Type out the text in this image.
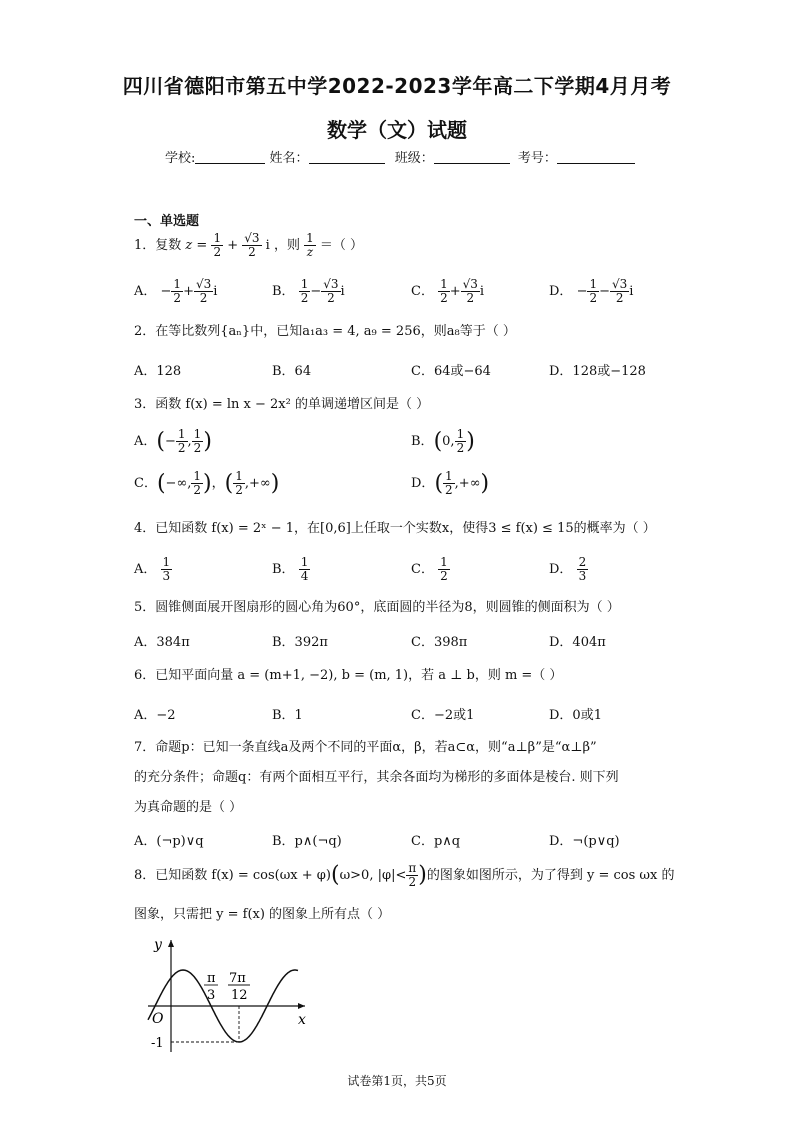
四川省德阳市第五中学2022-2023学年高二下学期4月月考
数学（文）试题
学校:	姓名：	班级：	考号：
一、单选题
1．复数 $z = \frac{1}{2} + \frac{√3}{2}$ i ，则 $\frac{1}{z}$ ＝（ ）
A． − $\frac{1}{2} + \frac{√3}{2}$ i	B． $\frac{1}{2} - \frac{√3}{2}$ i	C． $\frac{1}{2} + \frac{√3}{2}$ i	D． − $\frac{1}{2} - \frac{√3}{2}$ i
2．在等比数列{aₙ}中，已知a₁a₃ = 4, a₉ = 256，则a₈等于（ ）
A．128	B．64	C．64或−64	D．128或−128
3．函数 f(x) = ln x − 2x² 的单调递增区间是（ ）
A．(− $\frac{1}{2}$ , $\frac{1}{2}$ )	B．(0, $\frac{1}{2}$ )
C．(−∞, $\frac{1}{2}$ )，( $\frac{1}{2}$ ,+∞)	D．( $\frac{1}{2}$ ,+∞)
4．已知函数 f(x) = 2ˣ − 1，在[0,6]上任取一个实数x，使得3 ≤ f(x) ≤ 15的概率为（ ）
A． $\frac{1}{3}$	B． $\frac{1}{4}$	C． $\frac{1}{2}$	D． $\frac{2}{3}$
5．圆锥侧面展开图扇形的圆心角为60°，底面圆的半径为8，则圆锥的侧面积为（ ）
A．384π	B．392π	C．398π	D．404π
6．已知平面向量 a = (m+1, −2), b = (m, 1)，若 a ⊥ b，则 m =（ ）
A．−2	B．1	C．−2或1	D．0或1
7．命题p：已知一条直线a及两个不同的平面α，β，若a⊂α，则“a⊥β”是“α⊥β”
的充分条件；命题q：有两个面相互平行，其余各面均为梯形的多面体是棱台. 则下列
为真命题的是（ ）
A．(¬p)∨q	B．p∧(¬q)	C．p∧q	D．¬(p∨q)
8．已知函数 f(x) = cos(ωx + φ)(ω>0, $|\varphi|< \frac{\pi}{2}$ )的图象如图所示，为了得到 y = cos ωx 的
图象，只需把 y = f(x) 的图象上所有点（ ）
y
x
O
π
3
7π
12
-1
试卷第1页，共5页
